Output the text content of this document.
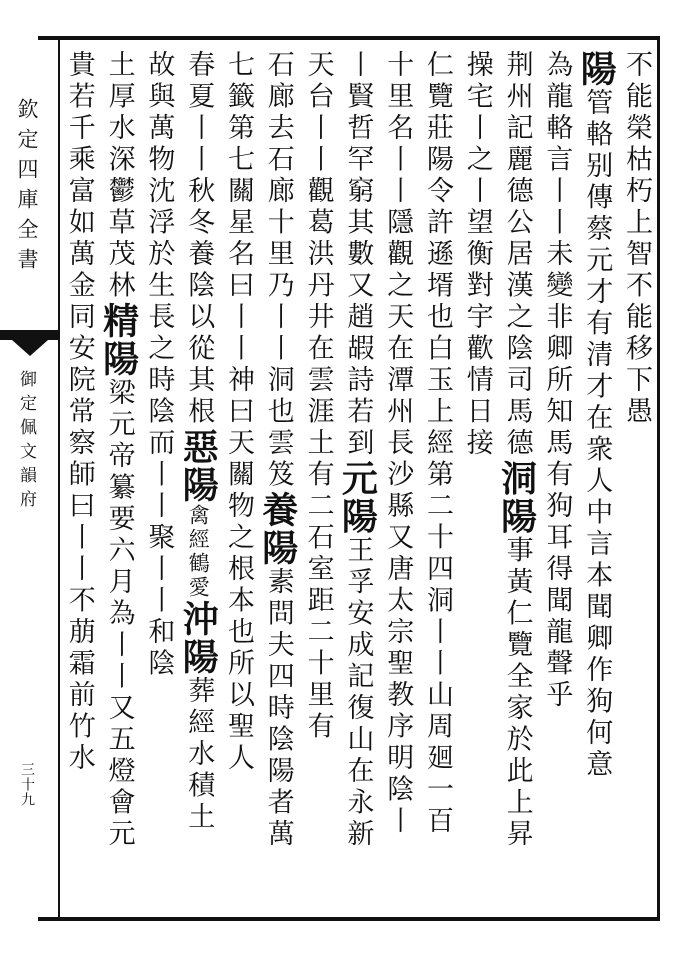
欽定四庫全書
御定佩文韻府
三十九
不能榮枯朽上智不能移下愚
陽管輅别傳蔡元才有清才在衆人中言本聞卿作狗何意
為龍輅言丨丨未變非卿所知馬有狗耳得聞龍聲乎
荆州記麗德公居漢之陰司馬德洞陽事黃仁覽全家於此上昇
操宅丨之丨望衡對宇歡情日接
仁覽莊陽令許遜壻也白玉上經第二十四洞丨丨山周廻一百
十里名丨丨隱觀之天在潭州長沙縣又唐太宗聖教序明陰丨
丨賢哲罕窮其數又趙嘏詩若到元陽王孚安成記復山在永新
天台丨丨觀葛洪丹井在雲涯土有二石室距二十里有
石廊去石廊十里乃丨丨洞也雲笈養陽素問夫四時陰陽者萬
七籤第七關星名曰丨丨神曰天關物之根本也所以聖人
春夏丨丨秋冬養陰以從其根惡陽禽經鶴愛沖陽葬經水積土
故與萬物沈浮於生長之時陰而丨丨聚丨丨和陰
土厚水深鬱草茂林精陽梁元帝纂要六月為丨丨又五燈會元
貴若千乘富如萬金同安院常察師曰丨丨不萠霜前竹水
